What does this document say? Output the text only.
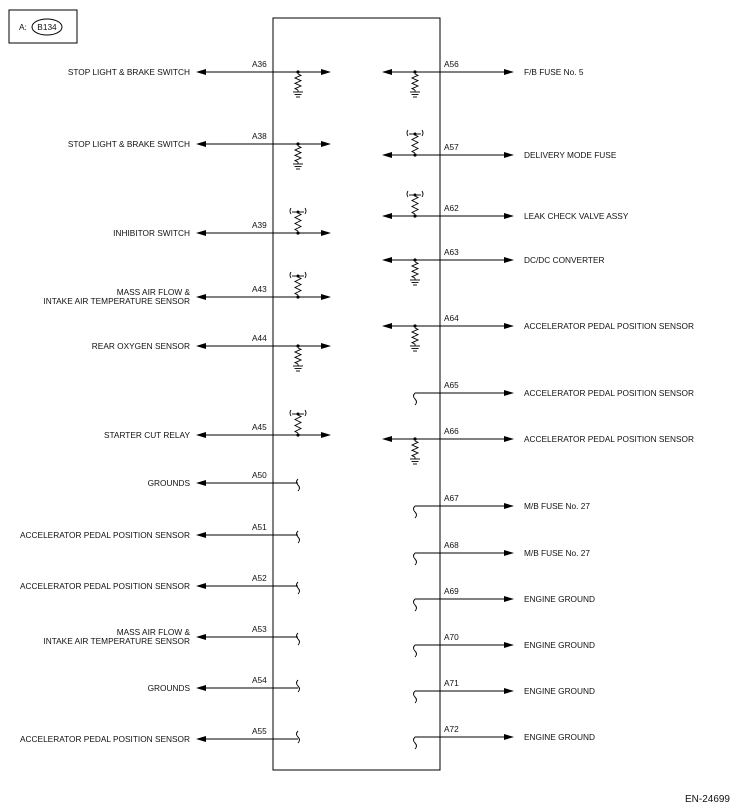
A: B134
STOP LIGHT & BRAKE SWITCH
A36
STOP LIGHT & BRAKE SWITCH
A38
INHIBITOR SWITCH
A39
MASS AIR FLOW &
INTAKE AIR TEMPERATURE SENSOR
A43
REAR OXYGEN SENSOR
A44
STARTER CUT RELAY
A45
GROUNDS
A50
ACCELERATOR PEDAL POSITION SENSOR
A51
ACCELERATOR PEDAL POSITION SENSOR
A52
MASS AIR FLOW &
INTAKE AIR TEMPERATURE SENSOR
A53
GROUNDS
A54
ACCELERATOR PEDAL POSITION SENSOR
A55
A56
F/B FUSE No. 5
A57
DELIVERY MODE FUSE
A62
LEAK CHECK VALVE ASSY
A63
DC/DC CONVERTER
A64
ACCELERATOR PEDAL POSITION SENSOR
A65
ACCELERATOR PEDAL POSITION SENSOR
A66
ACCELERATOR PEDAL POSITION SENSOR
A67
M/B FUSE No. 27
A68
M/B FUSE No. 27
A69
ENGINE GROUND
A70
ENGINE GROUND
A71
ENGINE GROUND
A72
ENGINE GROUND
EN-24699
